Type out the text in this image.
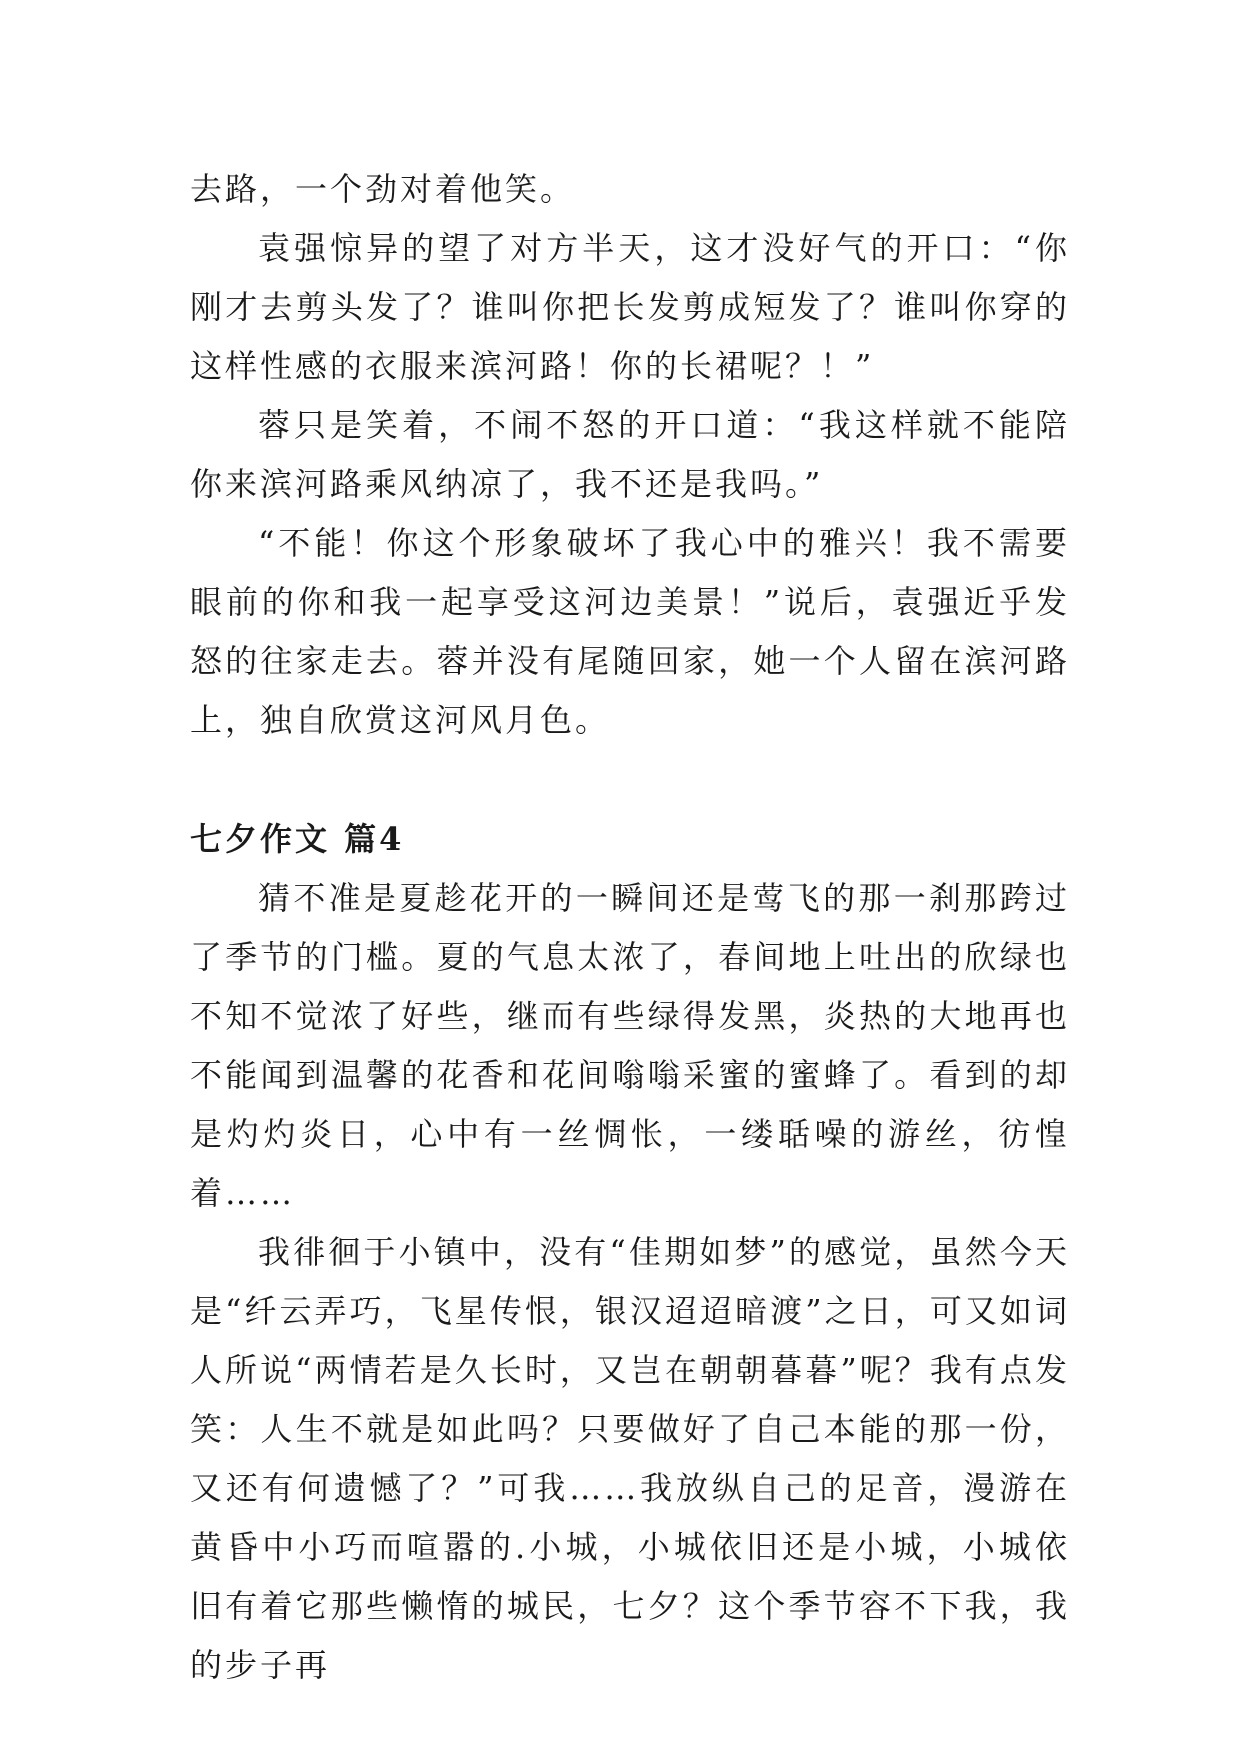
去路，一个劲对着他笑。

袁强惊异的望了对方半天，这才没好气的开口：“你刚才去剪头发了？谁叫你把长发剪成短发了？谁叫你穿的这样性感的衣服来滨河路！你的长裙呢？！”

蓉只是笑着，不闹不怒的开口道：“我这样就不能陪你来滨河路乘风纳凉了，我不还是我吗。”

“不能！你这个形象破坏了我心中的雅兴！我不需要眼前的你和我一起享受这河边美景！”说后，袁强近乎发怒的往家走去。蓉并没有尾随回家，她一个人留在滨河路上，独自欣赏这河风月色。

七夕作文 篇4

猜不准是夏趁花开的一瞬间还是莺飞的那一刹那跨过了季节的门槛。夏的气息太浓了，春间地上吐出的欣绿也不知不觉浓了好些，继而有些绿得发黑，炎热的大地再也不能闻到温馨的花香和花间嗡嗡采蜜的蜜蜂了。看到的却是灼灼炎日，心中有一丝惆怅，一缕聒噪的游丝，彷惶着……

我徘徊于小镇中，没有“佳期如梦”的感觉，虽然今天是“纤云弄巧，飞星传恨，银汉迢迢暗渡”之日，可又如词人所说“两情若是久长时，又岂在朝朝暮暮”呢？我有点发笑：人生不就是如此吗？只要做好了自己本能的那一份，又还有何遗憾了？”可我……我放纵自己的足音，漫游在黄昏中小巧而喧嚣的.小城，小城依旧还是小城，小城依旧有着它那些懒惰的城民，七夕？这个季节容不下我，我的步子再
